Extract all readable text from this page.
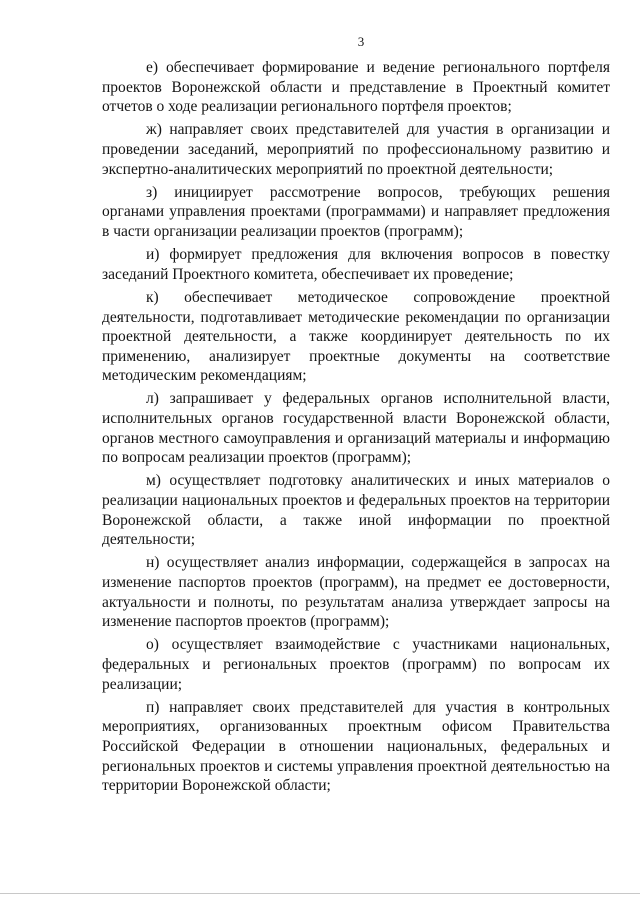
3

е) обеспечивает формирование и ведение регионального портфеля проектов Воронежской области и представление в Проектный комитет отчетов о ходе реализации регионального портфеля проектов;

ж) направляет своих представителей для участия в организации и проведении заседаний, мероприятий по профессиональному развитию и экспертно-аналитических мероприятий по проектной деятельности;

з) инициирует рассмотрение вопросов, требующих решения органами управления проектами (программами) и направляет предложения в части организации реализации проектов (программ);

и) формирует предложения для включения вопросов в повестку заседаний Проектного комитета, обеспечивает их проведение;

к) обеспечивает методическое сопровождение проектной деятельности, подготавливает методические рекомендации по организации проектной деятельности, а также координирует деятельность по их применению, анализирует проектные документы на соответствие методическим рекомендациям;

л) запрашивает у федеральных органов исполнительной власти, исполнительных органов государственной власти Воронежской области, органов местного самоуправления и организаций материалы и информацию по вопросам реализации проектов (программ);

м) осуществляет подготовку аналитических и иных материалов о реализации национальных проектов и федеральных проектов на территории Воронежской области, а также иной информации по проектной деятельности;

н) осуществляет анализ информации, содержащейся в запросах на изменение паспортов проектов (программ), на предмет ее достоверности, актуальности и полноты, по результатам анализа утверждает запросы на изменение паспортов проектов (программ);

о) осуществляет взаимодействие с участниками национальных, федеральных и региональных проектов (программ) по вопросам их реализации;

п) направляет своих представителей для участия в контрольных мероприятиях, организованных проектным офисом Правительства Российской Федерации в отношении национальных, федеральных и региональных проектов и системы управления проектной деятельностью на территории Воронежской области;
